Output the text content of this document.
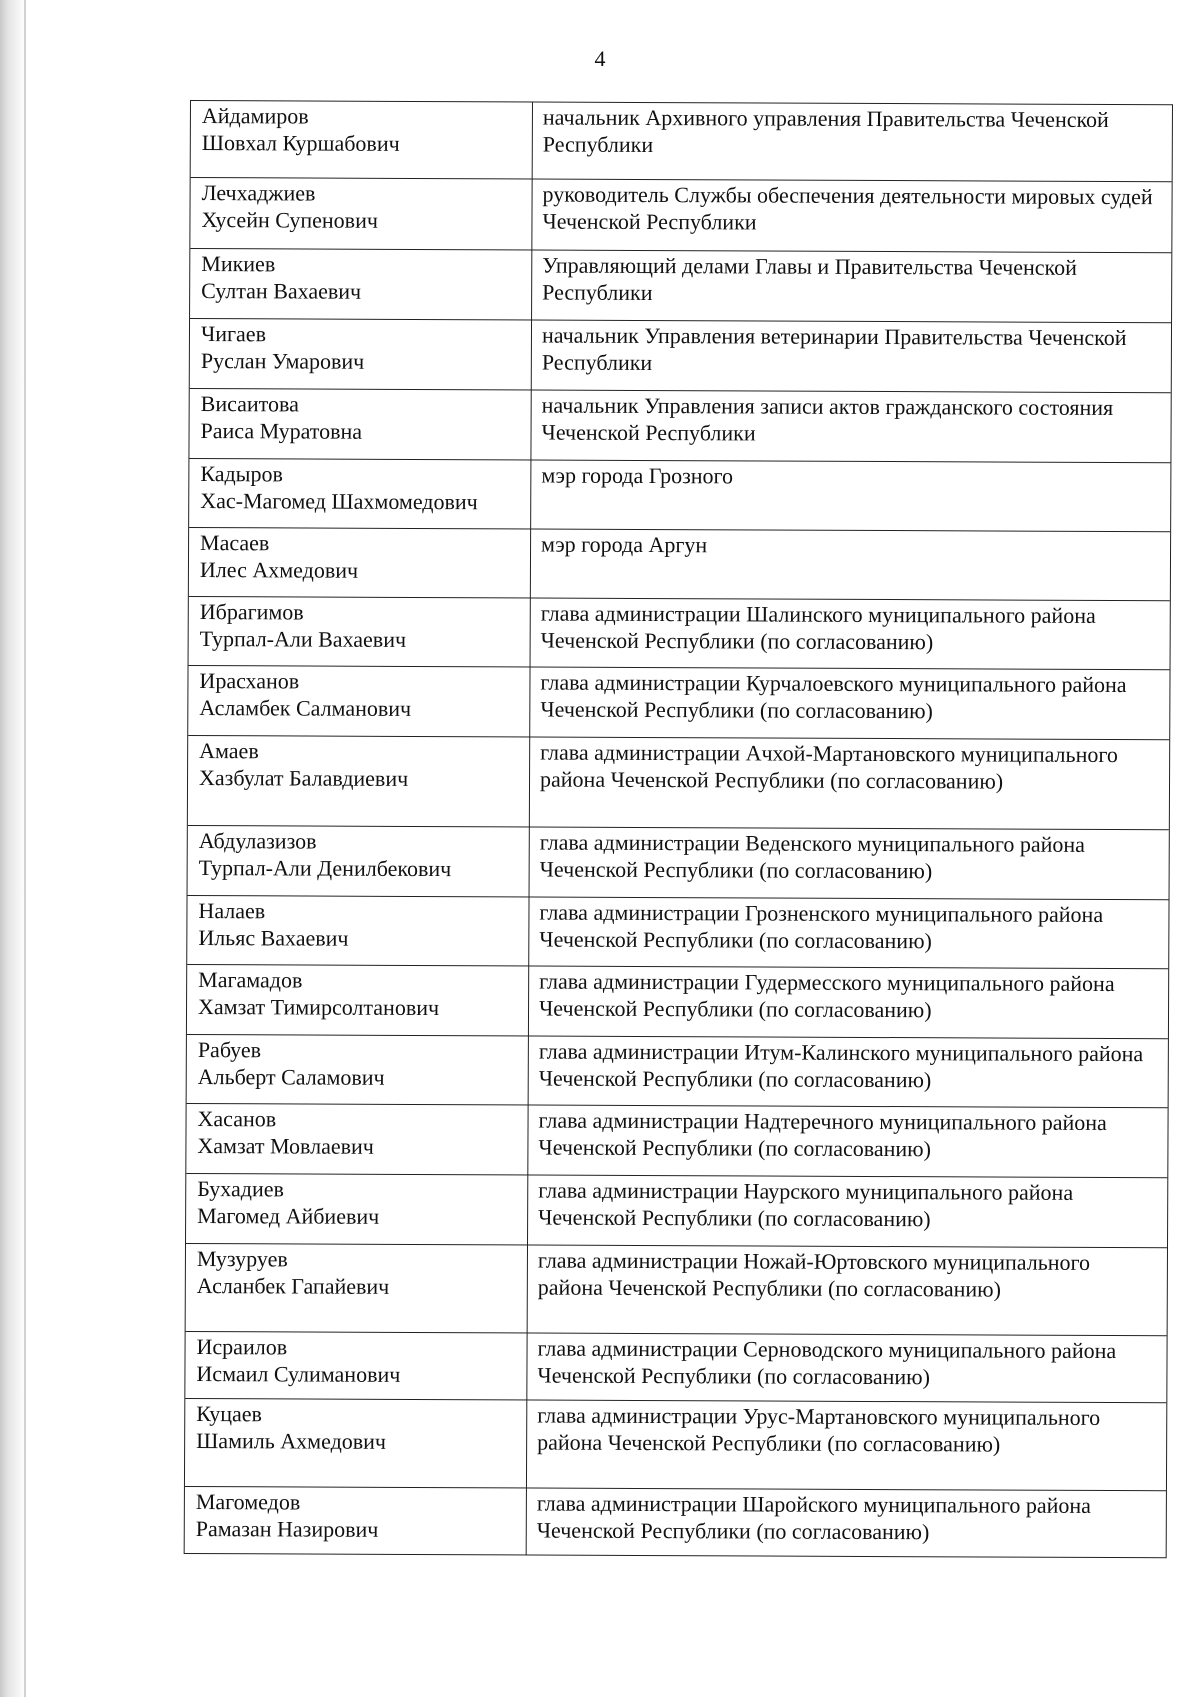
4
Айдамиров
Шовхал Куршабович
начальник Архивного управления Правительства Чеченской Республики
Лечхаджиев
Хусейн Супенович
руководитель Службы обеспечения деятельности мировых судей Чеченской Республики
Микиев
Султан Вахаевич
Управляющий делами Главы и Правительства Чеченской Республики
Чигаев
Руслан Умарович
начальник Управления ветеринарии Правительства Чеченской Республики
Висаитова
Раиса Муратовна
начальник Управления записи актов гражданского состояния Чеченской Республики
Кадыров
Хас-Магомед Шахмомедович
мэр города Грозного
Масаев
Илес Ахмедович
мэр города Аргун
Ибрагимов
Турпал-Али Вахаевич
глава администрации Шалинского муниципального района Чеченской Республики (по согласованию)
Ирасханов
Асламбек Салманович
глава администрации Курчалоевского муниципального района Чеченской Республики (по согласованию)
Амаев
Хазбулат Балавдиевич
глава администрации Ачхой-Мартановского муниципального района Чеченской Республики (по согласованию)
Абдулазизов
Турпал-Али Денилбекович
глава администрации Веденского муниципального района Чеченской Республики (по согласованию)
Налаев
Ильяс Вахаевич
глава администрации Грозненского муниципального района Чеченской Республики (по согласованию)
Магамадов
Хамзат Тимирсолтанович
глава администрации Гудермесского муниципального района Чеченской Республики (по согласованию)
Рабуев
Альберт Саламович
глава администрации Итум-Калинского муниципального района Чеченской Республики (по согласованию)
Хасанов
Хамзат Мовлаевич
глава администрации Надтеречного муниципального района Чеченской Республики (по согласованию)
Бухадиев
Магомед Айбиевич
глава администрации Наурского муниципального района Чеченской Республики (по согласованию)
Музуруев
Асланбек Гапайевич
глава администрации Ножай-Юртовского муниципального района Чеченской Республики (по согласованию)
Исраилов
Исмаил Сулиманович
глава администрации Серноводского муниципального района Чеченской Республики (по согласованию)
Куцаев
Шамиль Ахмедович
глава администрации Урус-Мартановского муниципального района Чеченской Республики (по согласованию)
Магомедов
Рамазан Назирович
глава администрации Шаройского муниципального района Чеченской Республики (по согласованию)
